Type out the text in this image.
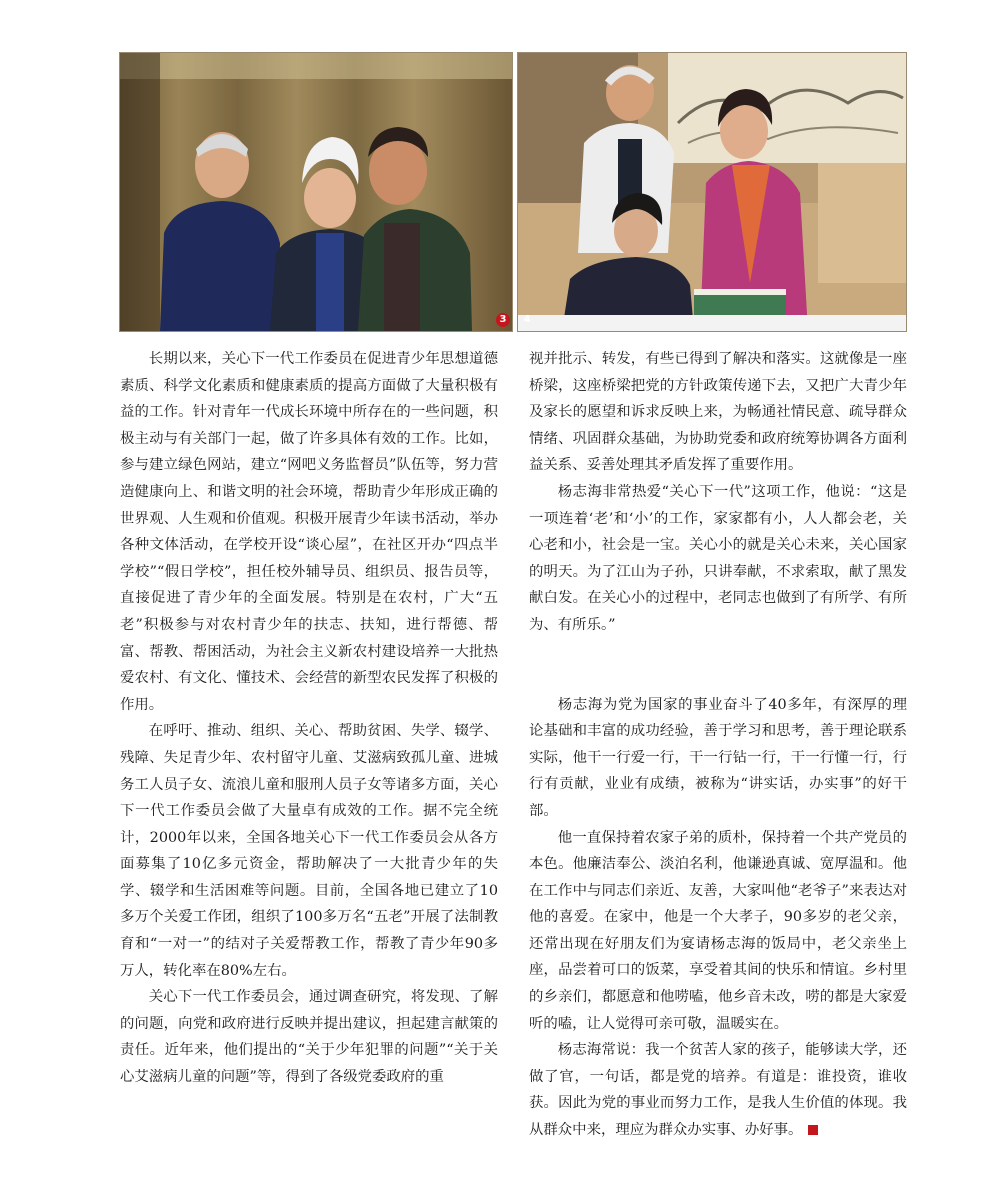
3	4

长期以来，关心下一代工作委员在促进青少年思想道德素质、科学文化素质和健康素质的提高方面做了大量积极有益的工作。针对青年一代成长环境中所存在的一些问题，积极主动与有关部门一起，做了许多具体有效的工作。比如，参与建立绿色网站，建立“网吧义务监督员”队伍等，努力营造健康向上、和谐文明的社会环境，帮助青少年形成正确的世界观、人生观和价值观。积极开展青少年读书活动，举办各种文体活动，在学校开设“谈心屋”，在社区开办“四点半学校”“假日学校”，担任校外辅导员、组织员、报告员等，直接促进了青少年的全面发展。特别是在农村，广大“五老”积极参与对农村青少年的扶志、扶知，进行帮德、帮富、帮教、帮困活动，为社会主义新农村建设培养一大批热爱农村、有文化、懂技术、会经营的新型农民发挥了积极的作用。

在呼吁、推动、组织、关心、帮助贫困、失学、辍学、残障、失足青少年、农村留守儿童、艾滋病致孤儿童、进城务工人员子女、流浪儿童和服刑人员子女等诸多方面，关心下一代工作委员会做了大量卓有成效的工作。据不完全统计，2000年以来，全国各地关心下一代工作委员会从各方面募集了10亿多元资金，帮助解决了一大批青少年的失学、辍学和生活困难等问题。目前，全国各地已建立了10多万个关爱工作团，组织了100多万名“五老”开展了法制教育和“一对一”的结对子关爱帮教工作，帮教了青少年90多万人，转化率在80%左右。

关心下一代工作委员会，通过调查研究，将发现、了解的问题，向党和政府进行反映并提出建议，担起建言献策的责任。近年来，他们提出的“关于少年犯罪的问题”“关于关心艾滋病儿童的问题”等，得到了各级党委政府的重

视并批示、转发，有些已得到了解决和落实。这就像是一座桥梁，这座桥梁把党的方针政策传递下去，又把广大青少年及家长的愿望和诉求反映上来，为畅通社情民意、疏导群众情绪、巩固群众基础，为协助党委和政府统筹协调各方面利益关系、妥善处理其矛盾发挥了重要作用。

杨志海非常热爱“关心下一代”这项工作，他说：“这是一项连着‘老’和‘小’的工作，家家都有小，人人都会老，关心老和小，社会是一宝。关心小的就是关心未来，关心国家的明天。为了江山为子孙，只讲奉献，不求索取，献了黑发献白发。在关心小的过程中，老同志也做到了有所学、有所为、有所乐。”

杨志海为党为国家的事业奋斗了40多年，有深厚的理论基础和丰富的成功经验，善于学习和思考，善于理论联系实际，他干一行爱一行，干一行钻一行，干一行懂一行，行行有贡献，业业有成绩，被称为“讲实话，办实事”的好干部。

他一直保持着农家子弟的质朴，保持着一个共产党员的本色。他廉洁奉公、淡泊名利，他谦逊真诚、宽厚温和。他在工作中与同志们亲近、友善，大家叫他“老爷子”来表达对他的喜爱。在家中，他是一个大孝子，90多岁的老父亲，还常出现在好朋友们为宴请杨志海的饭局中，老父亲坐上座，品尝着可口的饭菜，享受着其间的快乐和情谊。乡村里的乡亲们，都愿意和他唠嗑，他乡音未改，唠的都是大家爱听的嗑，让人觉得可亲可敬，温暖实在。

杨志海常说：我一个贫苦人家的孩子，能够读大学，还做了官，一句话，都是党的培养。有道是：谁投资，谁收获。因此为党的事业而努力工作，是我人生价值的体现。我从群众中来，理应为群众办实事、办好事。
